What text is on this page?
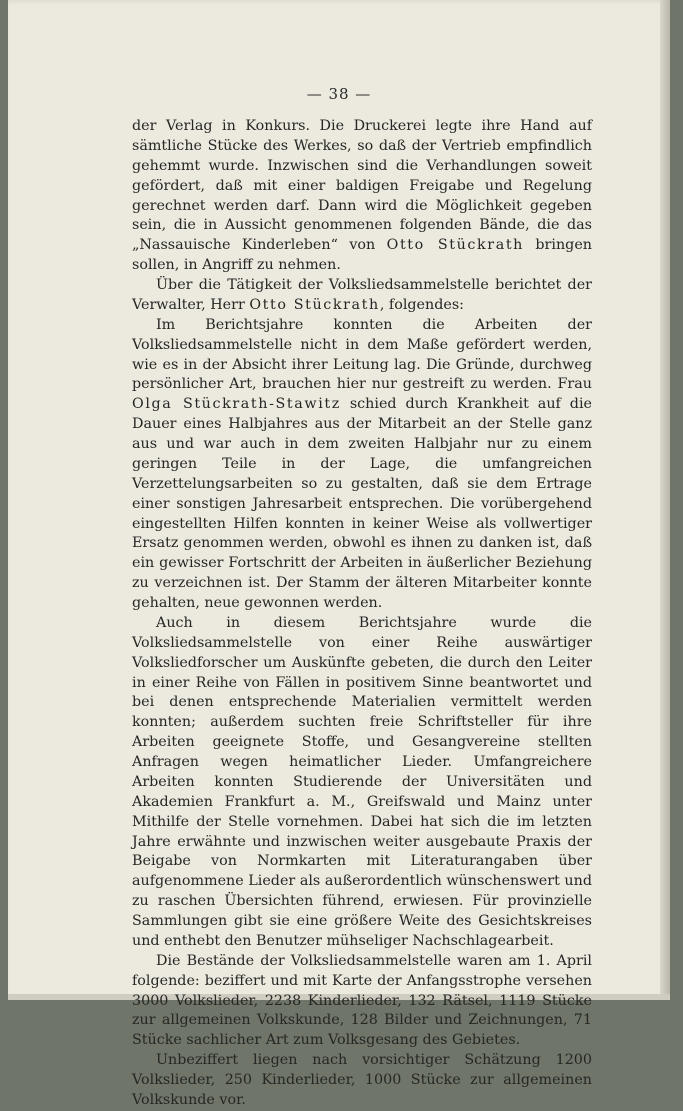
— 38 —

der Verlag in Konkurs. Die Druckerei legte ihre Hand auf sämtliche Stücke des Werkes, so daß der Vertrieb empfindlich gehemmt wurde. Inzwischen sind die Verhandlungen soweit gefördert, daß mit einer baldigen Freigabe und Regelung gerechnet werden darf. Dann wird die Möglichkeit gegeben sein, die in Aussicht genommenen folgenden Bände, die das „Nassauische Kinderleben“ von Otto Stückrath bringen sollen, in Angriff zu nehmen.

Über die Tätigkeit der Volksliedsammelstelle berichtet der Verwalter, Herr Otto Stückrath, folgendes:

Im Berichtsjahre konnten die Arbeiten der Volksliedsammelstelle nicht in dem Maße gefördert werden, wie es in der Absicht ihrer Leitung lag. Die Gründe, durchweg persönlicher Art, brauchen hier nur gestreift zu werden. Frau Olga Stückrath-Stawitz schied durch Krankheit auf die Dauer eines Halbjahres aus der Mitarbeit an der Stelle ganz aus und war auch in dem zweiten Halbjahr nur zu einem geringen Teile in der Lage, die umfangreichen Verzettelungsarbeiten so zu gestalten, daß sie dem Ertrage einer sonstigen Jahresarbeit entsprechen. Die vorübergehend eingestellten Hilfen konnten in keiner Weise als vollwertiger Ersatz genommen werden, obwohl es ihnen zu danken ist, daß ein gewisser Fortschritt der Arbeiten in äußerlicher Beziehung zu verzeichnen ist. Der Stamm der älteren Mitarbeiter konnte gehalten, neue gewonnen werden.

Auch in diesem Berichtsjahre wurde die Volksliedsammelstelle von einer Reihe auswärtiger Volksliedforscher um Auskünfte gebeten, die durch den Leiter in einer Reihe von Fällen in positivem Sinne beantwortet und bei denen entsprechende Materialien vermittelt werden konnten; außerdem suchten freie Schriftsteller für ihre Arbeiten geeignete Stoffe, und Gesangvereine stellten Anfragen wegen heimatlicher Lieder. Umfangreichere Arbeiten konnten Studierende der Universitäten und Akademien Frankfurt a. M., Greifswald und Mainz unter Mithilfe der Stelle vornehmen. Dabei hat sich die im letzten Jahre erwähnte und inzwischen weiter ausgebaute Praxis der Beigabe von Normkarten mit Literaturangaben über aufgenommene Lieder als außerordentlich wünschenswert und zu raschen Übersichten führend, erwiesen. Für provinzielle Sammlungen gibt sie eine größere Weite des Gesichtskreises und enthebt den Benutzer mühseliger Nachschlagearbeit.

Die Bestände der Volksliedsammelstelle waren am 1. April folgende: beziffert und mit Karte der Anfangsstrophe versehen 3000 Volkslieder, 2238 Kinderlieder, 132 Rätsel, 1119 Stücke zur allgemeinen Volkskunde, 128 Bilder und Zeichnungen, 71 Stücke sachlicher Art zum Volksgesang des Gebietes.

Unbeziffert liegen nach vorsichtiger Schätzung 1200 Volkslieder, 250 Kinderlieder, 1000 Stücke zur allgemeinen Volkskunde vor.
